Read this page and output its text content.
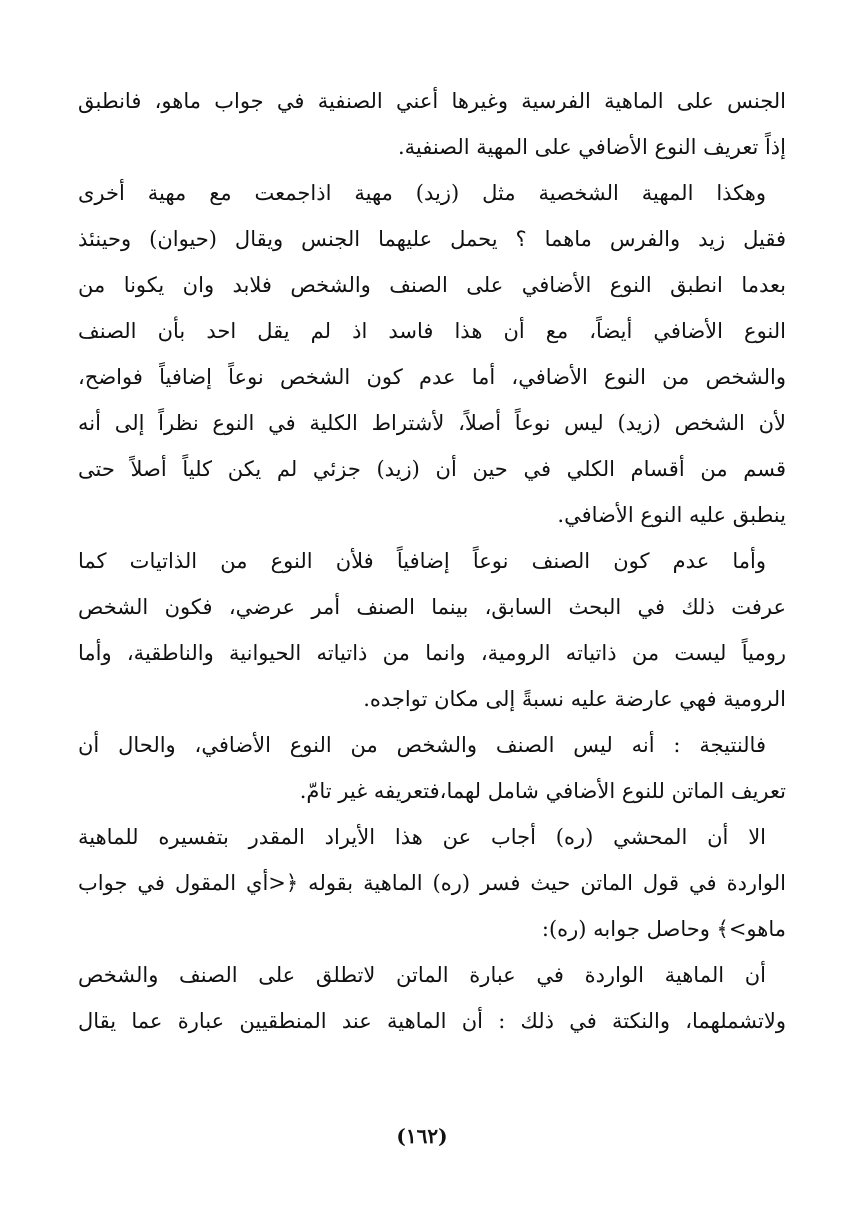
الجنس على الماهية الفرسية وغيرها أعني الصنفية في جواب ماهو، فانطبق
إذاً تعريف النوع الأضافي على المهية الصنفية.
وهكذا المهية الشخصية مثل (زيد) مهية اذاجمعت مع مهية أخرى
فقيل زيد والفرس ماهما ؟ يحمل عليهما الجنس ويقال (حيوان) وحينئذ
بعدما انطبق النوع الأضافي على الصنف والشخص فلابد وان يكونا من
النوع الأضافي أيضاً، مع أن هذا فاسد اذ لم يقل احد بأن الصنف
والشخص من النوع الأضافي، أما عدم كون الشخص نوعاً إضافياً فواضح،
لأن الشخص (زيد) ليس نوعاً أصلاً، لأشتراط الكلية في النوع نظراً إلى أنه
قسم من أقسام الكلي في حين أن (زيد) جزئي لم يكن كلياً أصلاً حتى
ينطبق عليه النوع الأضافي.
وأما عدم كون الصنف نوعاً إضافياً فلأن النوع من الذاتيات كما
عرفت ذلك في البحث السابق، بينما الصنف أمر عرضي، فكون الشخص
رومياً ليست من ذاتياته الرومية، وانما من ذاتياته الحيوانية والناطقية، وأما
الرومية فهي عارضة عليه نسبةً إلى مكان تواجده.
فالنتيجة : أنه ليس الصنف والشخص من النوع الأضافي، والحال أن
تعريف الماتن للنوع الأضافي شامل لهما،فتعريفه غير تامّ.
الا أن المحشي (ره) أجاب عن هذا الأيراد المقدر بتفسيره للماهية
الواردة في قول الماتن حيث فسر (ره) الماهية بقوله ﴿<أي المقول في جواب
ماهو>﴾ وحاصل جوابه (ره):
أن الماهية الواردة في عبارة الماتن لاتطلق على الصنف والشخص
ولاتشملهما، والنكتة في ذلك : أن الماهية عند المنطقيين عبارة عما يقال
(١٦٢)
